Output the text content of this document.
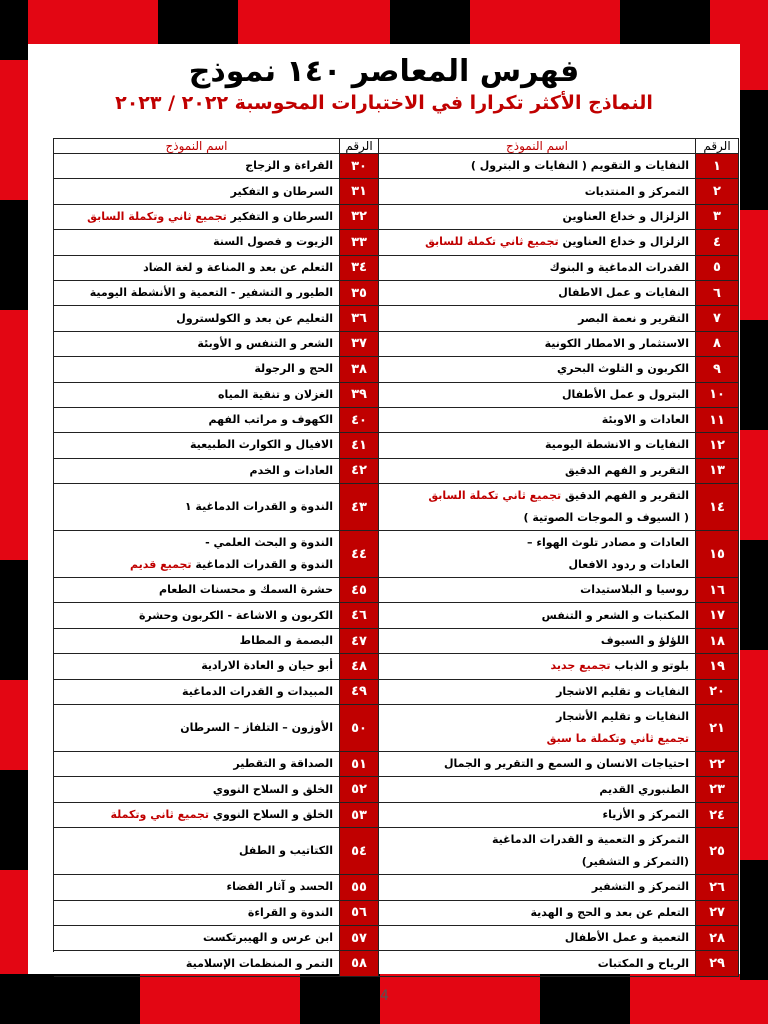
فهرس المعاصر ١٤٠ نموذج
النماذج الأكثر تكرارا في الاختبارات المحوسبة ٢٠٢٢ / ٢٠٢٣
الرقم
اسم النموذج
١
النفايات و التقويم ( النفايات و البترول )
٢
التمركز و المنتديات
٣
الزلزال و خداع العناوين
٤
الزلزال و خداع العناوين تجميع ثاني تكملة للسابق
٥
القدرات الدماغية و البنوك
٦
النفايات و عمل الاطفال
٧
التقرير و نعمة البصر
٨
الاستثمار و الامطار الكونية
٩
الكربون و التلوث البحري
١٠
البترول و عمل الأطفال
١١
العادات و الاوبئة
١٢
النفايات و الانشطة اليومية
١٣
التقرير و الفهم الدقيق
١٤
التقرير و الفهم الدقيق تجميع ثاني تكملة السابق
( السيوف و الموجات الصوتية )
١٥
العادات و مصادر تلوث الهواء –
العادات و ردود الافعال
١٦
روسيا و البلاستيدات
١٧
المكتبات و الشعر و التنفس
١٨
اللؤلؤ و السيوف
١٩
بلوتو و الذباب تجميع جديد
٢٠
النفايات و تقليم الاشجار
٢١
النفايات و تقليم الأشجار
تجميع ثاني وتكملة ما سبق
٢٢
احتياجات الانسان و السمع و التقرير و الجمال
٢٣
الطنبوري القديم
٢٤
التمركز و الأزياء
٢٥
التمركز و التعمية و القدرات الدماغية
(التمركز و التشفير)
٢٦
التمركز و التشفير
٢٧
التعلم عن بعد و الحج و الهدية
٢٨
التعمية و عمل الأطفال
٢٩
الرياح و المكتبات
الرقم
اسم النموذج
٣٠
القراءة و الزجاج
٣١
السرطان و التفكير
٣٢
السرطان و التفكير تجميع ثاني وتكملة السابق
٣٣
الزيوت و فصول السنة
٣٤
التعلم عن بعد و المناعة و لغة الضاد
٣٥
الطيور و التشفير - التعمية و الأنشطة اليومية
٣٦
التعليم عن بعد و الكولسترول
٣٧
الشعر و التنفس و الأوبئة
٣٨
الحج و الرجولة
٣٩
الغزلان و تنقية المياه
٤٠
الكهوف و مراتب الفهم
٤١
الافيال و الكوارث الطبيعية
٤٢
العادات و الخدم
٤٣
الندوة و القدرات الدماغية ١
٤٤
الندوة و البحث العلمي -
الندوة و القدرات الدماغية تجميع قديم
٤٥
حشرة السمك و محسنات الطعام
٤٦
الكربون و الاشاعة - الكربون وحشرة
٤٧
البصمة و المطاط
٤٨
أبو حيان و العادة الارادية
٤٩
المبيدات و القدرات الدماغية
٥٠
الأوزون – التلفاز – السرطان
٥١
الصداقة و التقطير
٥٢
الخلق و السلاح النووي
٥٣
الخلق و السلاح النووي تجميع ثاني وتكملة
٥٤
الكتاتيب و الطفل
٥٥
الحسد و آثار الفضاء
٥٦
الندوة و القراءة
٥٧
ابن عرس و الهيبرتكست
٥٨
التمر و المنظمات الإسلامية
4
